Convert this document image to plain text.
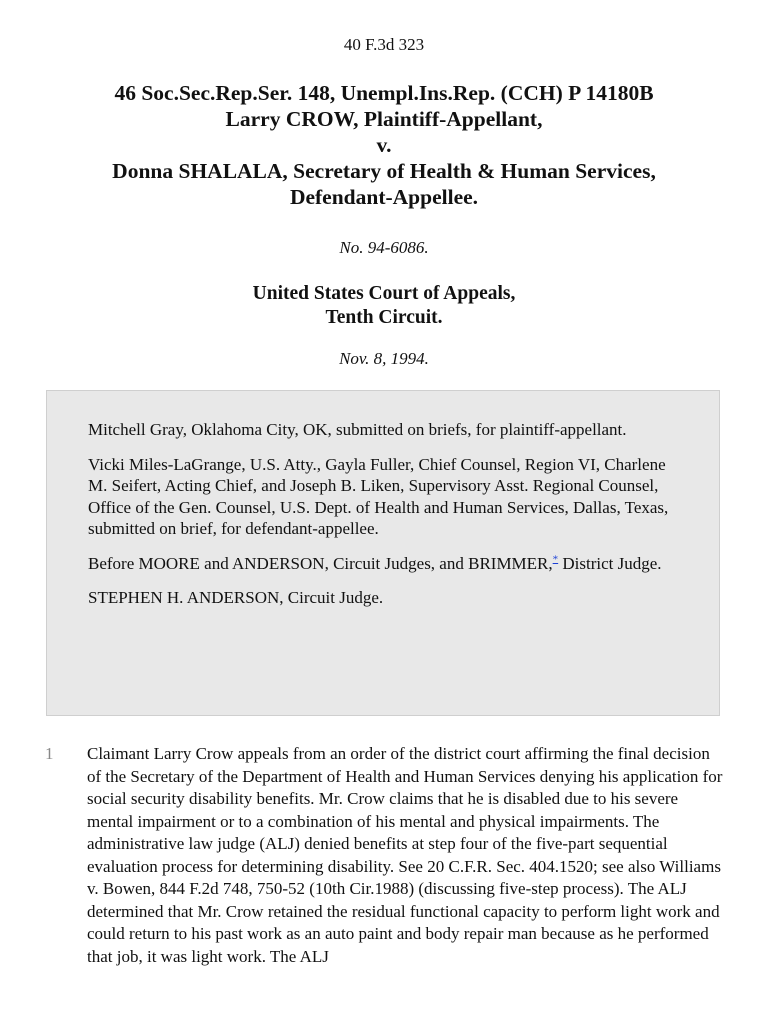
40 F.3d 323
46 Soc.Sec.Rep.Ser. 148, Unempl.Ins.Rep. (CCH) P 14180B
Larry CROW, Plaintiff-Appellant,
v.
Donna SHALALA, Secretary of Health & Human Services,
Defendant-Appellee.
No. 94-6086.
United States Court of Appeals,
Tenth Circuit.
Nov. 8, 1994.

Mitchell Gray, Oklahoma City, OK, submitted on briefs, for plaintiff-appellant.

Vicki Miles-LaGrange, U.S. Atty., Gayla Fuller, Chief Counsel, Region VI, Charlene M. Seifert, Acting Chief, and Joseph B. Liken, Supervisory Asst. Regional Counsel, Office of the Gen. Counsel, U.S. Dept. of Health and Human Services, Dallas, Texas, submitted on brief, for defendant-appellee.

Before MOORE and ANDERSON, Circuit Judges, and BRIMMER,* District Judge.

STEPHEN H. ANDERSON, Circuit Judge.

1 Claimant Larry Crow appeals from an order of the district court affirming the final decision of the Secretary of the Department of Health and Human Services denying his application for social security disability benefits. Mr. Crow claims that he is disabled due to his severe mental impairment or to a combination of his mental and physical impairments. The administrative law judge (ALJ) denied benefits at step four of the five-part sequential evaluation process for determining disability. See 20 C.F.R. Sec. 404.1520; see also Williams v. Bowen, 844 F.2d 748, 750-52 (10th Cir.1988) (discussing five-step process). The ALJ determined that Mr. Crow retained the residual functional capacity to perform light work and could return to his past work as an auto paint and body repair man because as he performed that job, it was light work. The ALJ
